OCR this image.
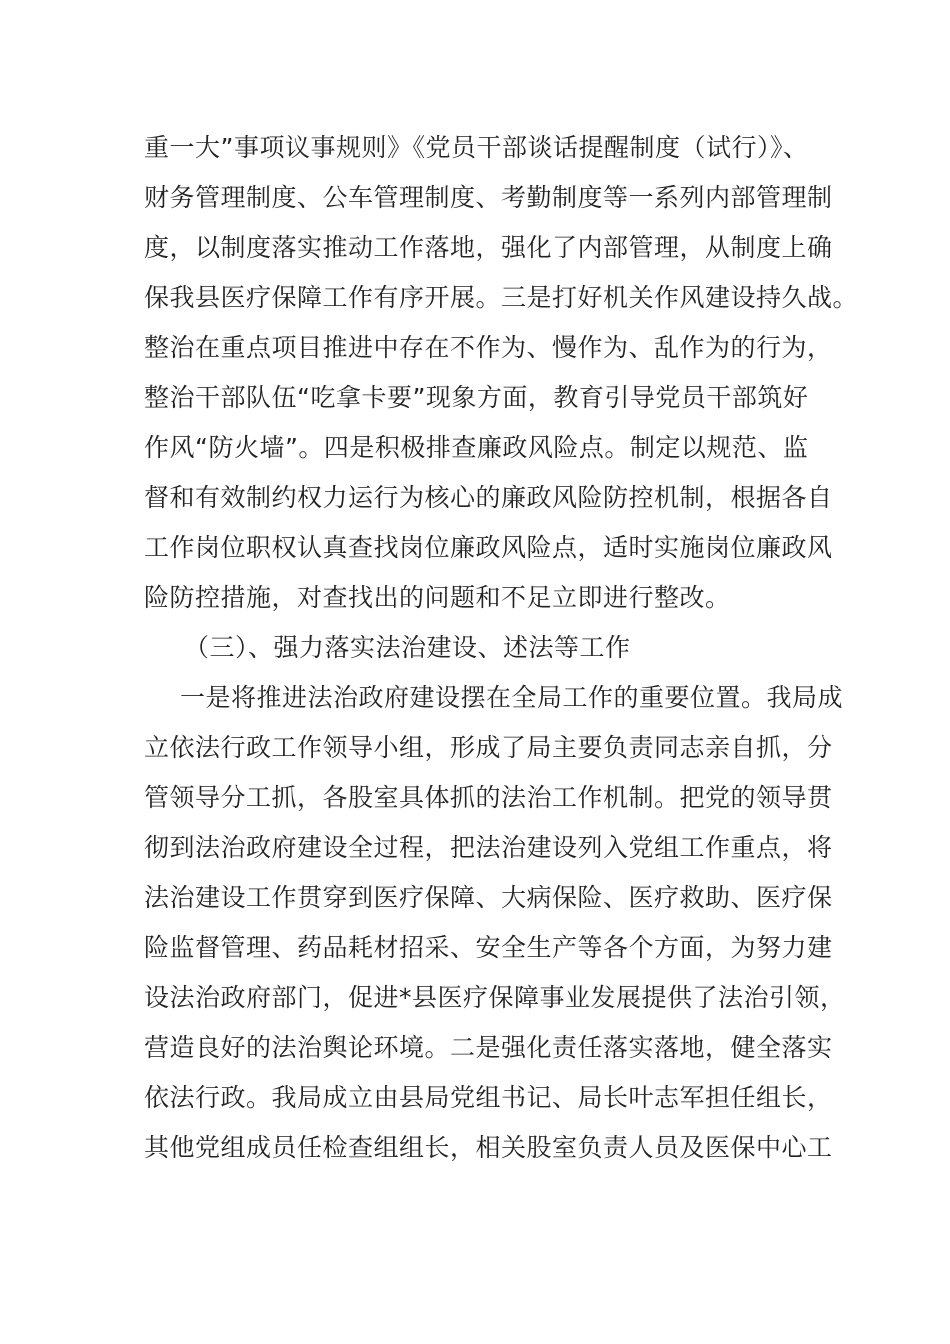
重一大”事项议事规则》《党员干部谈话提醒制度（试行）》、
财务管理制度、公车管理制度、考勤制度等一系列内部管理制
度，以制度落实推动工作落地，强化了内部管理，从制度上确
保我县医疗保障工作有序开展。三是打好机关作风建设持久战。
整治在重点项目推进中存在不作为、慢作为、乱作为的行为，
整治干部队伍“吃拿卡要”现象方面，教育引导党员干部筑好
作风“防火墙”。四是积极排查廉政风险点。制定以规范、监
督和有效制约权力运行为核心的廉政风险防控机制，根据各自
工作岗位职权认真查找岗位廉政风险点，适时实施岗位廉政风
险防控措施，对查找出的问题和不足立即进行整改。
（三）、强力落实法治建设、述法等工作
一是将推进法治政府建设摆在全局工作的重要位置。我局成
立依法行政工作领导小组，形成了局主要负责同志亲自抓，分
管领导分工抓，各股室具体抓的法治工作机制。把党的领导贯
彻到法治政府建设全过程，把法治建设列入党组工作重点，将
法治建设工作贯穿到医疗保障、大病保险、医疗救助、医疗保
险监督管理、药品耗材招采、安全生产等各个方面，为努力建
设法治政府部门，促进*县医疗保障事业发展提供了法治引领，
营造良好的法治舆论环境。二是强化责任落实落地，健全落实
依法行政。我局成立由县局党组书记、局长叶志军担任组长，
其他党组成员任检查组组长，相关股室负责人员及医保中心工
